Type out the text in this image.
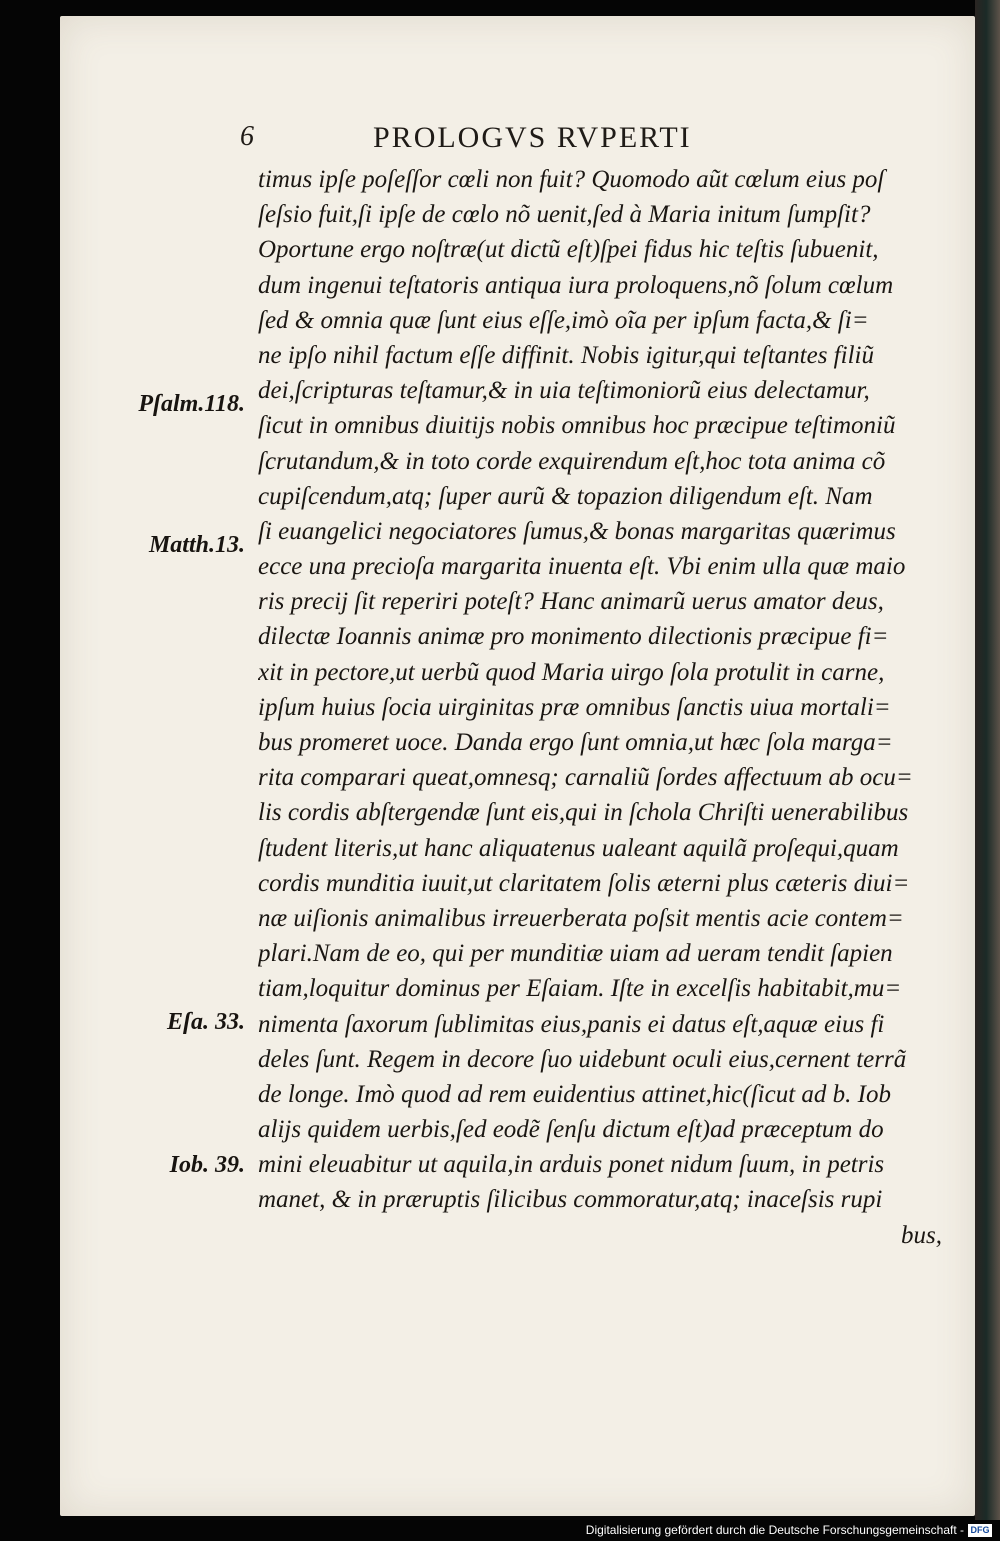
6	PROLOGVS RVPERTI
Pſalm.118.
Matth.13.
Eſa. 33.
Iob. 39.
timus ipſe poſeſſor cœli non fuit? Quomodo aũt cœlum eius poſ
ſeſsio fuit,ſi ipſe de cœlo nõ uenit,ſed à Maria initum ſumpſit?
Oportune ergo noſtræ(ut dictũ eſt)ſpei fidus hic teſtis ſubuenit,
dum ingenui teſtatoris antiqua iura proloquens,nõ ſolum cœlum
ſed & omnia quæ ſunt eius eſſe,imò oĩa per ipſum facta,& ſi=
ne ipſo nihil factum eſſe diffinit. Nobis igitur,qui teſtantes filiũ
dei,ſcripturas teſtamur,& in uia teſtimoniorũ eius delectamur,
ſicut in omnibus diuitijs nobis omnibus hoc præcipue teſtimoniũ
ſcrutandum,& in toto corde exquirendum eſt,hoc tota anima cõ
cupiſcendum,atq; ſuper aurũ & topazion diligendum eſt. Nam
ſi euangelici negociatores ſumus,& bonas margaritas quærimus
ecce una precioſa margarita inuenta eſt. Vbi enim ulla quæ maio
ris precij ſit reperiri poteſt? Hanc animarũ uerus amator deus,
dilectæ Ioannis animæ pro monimento dilectionis præcipue fi=
xit in pectore,ut uerbũ quod Maria uirgo ſola protulit in carne,
ipſum huius ſocia uirginitas præ omnibus ſanctis uiua mortali=
bus promeret uoce. Danda ergo ſunt omnia,ut hæc ſola marga=
rita comparari queat,omnesq; carnaliũ ſordes affectuum ab ocu=
lis cordis abſtergendæ ſunt eis,qui in ſchola Chriſti uenerabilibus
ſtudent literis,ut hanc aliquatenus ualeant aquilã proſequi,quam
cordis munditia iuuit,ut claritatem ſolis æterni plus cæteris diui=
næ uiſionis animalibus irreuerberata poſsit mentis acie contem=
plari.Nam de eo, qui per munditiæ uiam ad ueram tendit ſapien
tiam,loquitur dominus per Eſaiam. Iſte in excelſis habitabit,mu=
nimenta ſaxorum ſublimitas eius,panis ei datus eſt,aquæ eius fi
deles ſunt. Regem in decore ſuo uidebunt oculi eius,cernent terrã
de longe. Imò quod ad rem euidentius attinet,hic(ſicut ad b. Iob
alijs quidem uerbis,ſed eodẽ ſenſu dictum eſt)ad præceptum do
mini eleuabitur ut aquila,in arduis ponet nidum ſuum, in petris
manet, & in præruptis ſilicibus commoratur,atq; inaceſsis rupi
bus,
Digitalisierung gefördert durch die Deutsche Forschungsgemeinschaft - DFG
